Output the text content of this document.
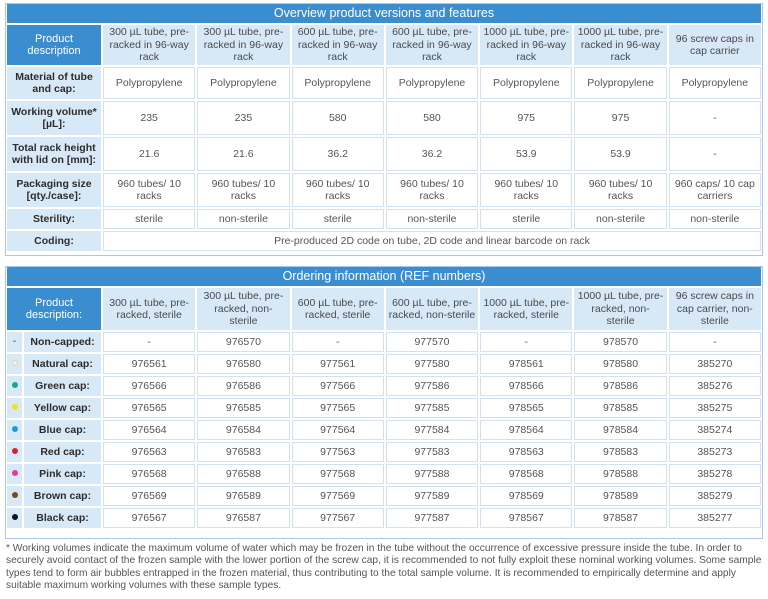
Overview product versions and features							
Product description	300 µL tube, pre-racked in 96-way rack	300 µL tube, pre-racked in 96-way rack	600 µL tube, pre-racked in 96-way rack	600 µL tube, pre-racked in 96-way rack	1000 µL tube, pre-racked in 96-way rack	1000 µL tube, pre-racked in 96-way rack	96 screw caps in cap carrier
Material of tube and cap:	Polypropylene	Polypropylene	Polypropylene	Polypropylene	Polypropylene	Polypropylene	Polypropylene
Working volume* [µL]:	235	235	580	580	975	975	-
Total rack height with lid on [mm]:	21.6	21.6	36.2	36.2	53.9	53.9	-
Packaging size [qty./case]:	960 tubes/ 10 racks	960 tubes/ 10 racks	960 tubes/ 10 racks	960 tubes/ 10 racks	960 tubes/ 10 racks	960 tubes/ 10 racks	960 caps/ 10 cap carriers
Sterility:	sterile	non-sterile	sterile	non-sterile	sterile	non-sterile	non-sterile
Coding:	Pre-produced 2D code on tube, 2D code and linear barcode on rack						
Ordering information (REF numbers)								
Product description:		300 µL tube, pre-racked, sterile	300 µL tube, pre-racked, non- sterile	600 µL tube, pre-racked, sterile	600 µL tube, pre-racked, non-sterile	1000 µL tube, pre-racked, sterile	1000 µL tube, pre-racked, non- sterile	96 screw caps in cap carrier, non-sterile
-	Non-capped:	-	976570	-	977570	-	978570	-
	Natural cap:	976561	976580	977561	977580	978561	978580	385270
	Green cap:	976566	976586	977566	977586	978566	978586	385276
	Yellow cap:	976565	976585	977565	977585	978565	978585	385275
	Blue cap:	976564	976584	977564	977584	978564	978584	385274
	Red cap:	976563	976583	977563	977583	978563	978583	385273
	Pink cap:	976568	976588	977568	977588	978568	978588	385278
	Brown cap:	976569	976589	977569	977589	978569	978589	385279
	Black cap:	976567	976587	977567	977587	978567	978587	385277
* Working volumes indicate the maximum volume of water which may be frozen in the tube without the occurrence of excessive pressure inside the tube. In order to securely avoid contact of the frozen sample with the lower portion of the screw cap, it is recommended to not fully exploit these nominal working volumes. Some sample types tend to form air bubbles entrapped in the frozen material, thus contributing to the total sample volume. It is recommended to empirically determine and apply suitable maximum working volumes with these sample types.
